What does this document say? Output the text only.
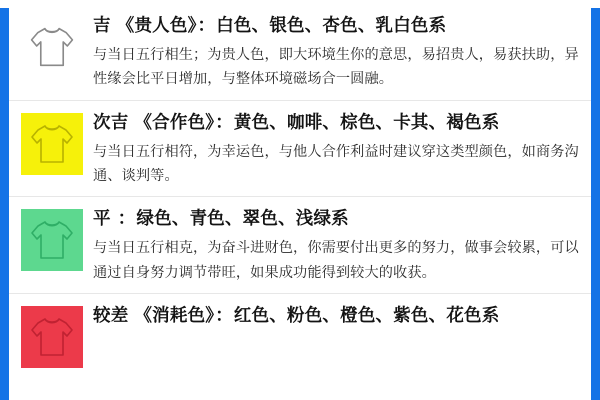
吉 《贵人色》：白色、银色、杏色、乳白色系
与当日五行相生；为贵人色，即大环境生你的意思，易招贵人，易获扶助，异性缘会比平日增加，与整体环境磁场合一圆融。
次吉 《合作色》：黄色、咖啡、棕色、卡其、褐色系
与当日五行相符，为幸运色，与他人合作利益时建议穿这类型颜色，如商务沟通、谈判等。
平 ：绿色、青色、翠色、浅绿系
与当日五行相克，为奋斗进财色，你需要付出更多的努力，做事会较累，可以通过自身努力调节带旺，如果成功能得到较大的收获。
较差 《消耗色》：红色、粉色、橙色、紫色、花色系
